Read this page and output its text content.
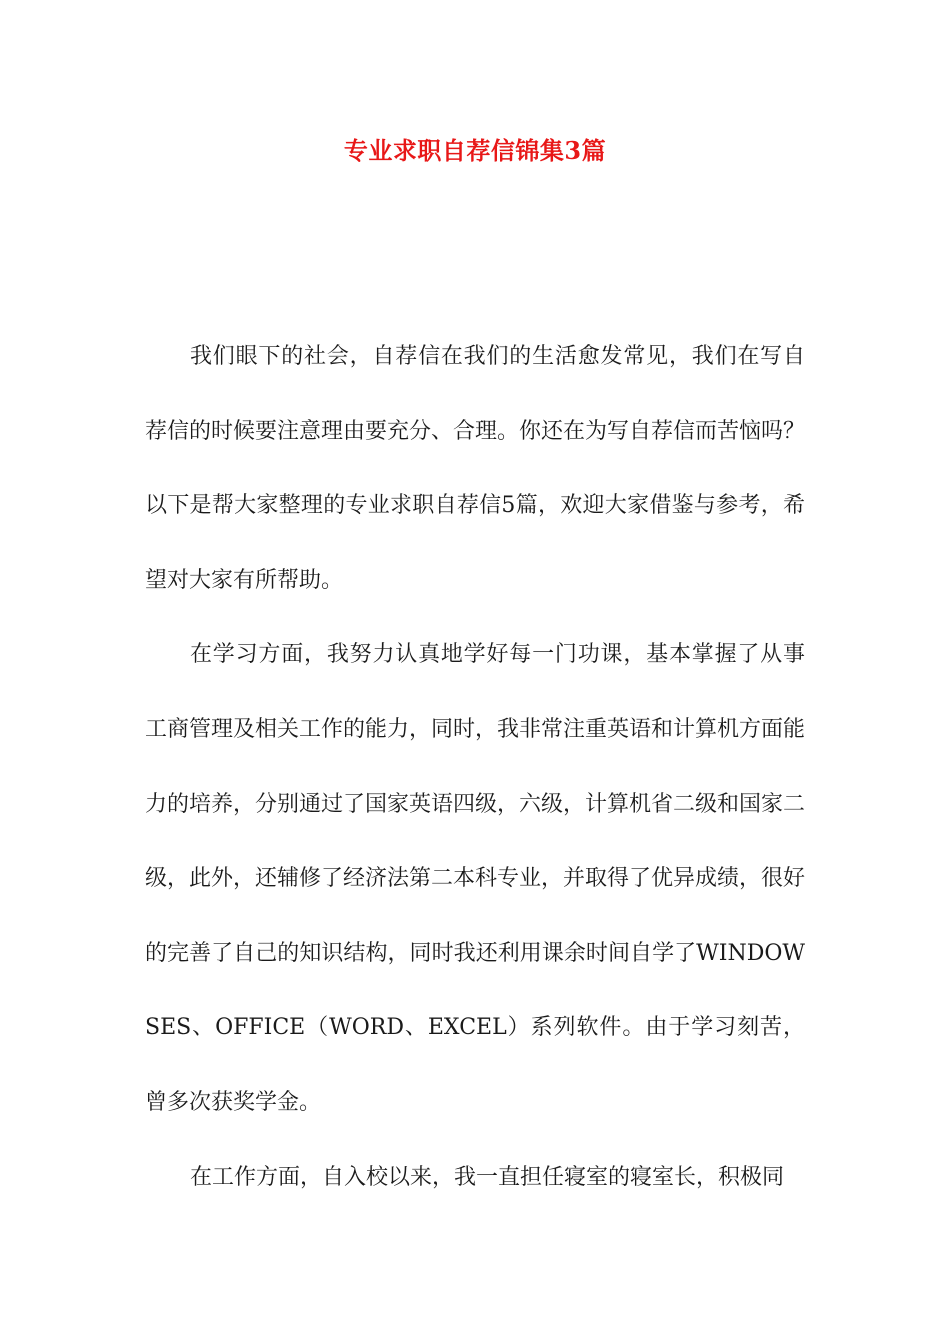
专业求职自荐信锦集3篇

我们眼下的社会，自荐信在我们的生活愈发常见，我们在写自荐信的时候要注意理由要充分、合理。你还在为写自荐信而苦恼吗？以下是帮大家整理的专业求职自荐信5篇，欢迎大家借鉴与参考，希望对大家有所帮助。

在学习方面，我努力认真地学好每一门功课，基本掌握了从事工商管理及相关工作的能力，同时，我非常注重英语和计算机方面能力的培养，分别通过了国家英语四级，六级，计算机省二级和国家二级，此外，还辅修了经济法第二本科专业，并取得了优异成绩，很好的完善了自己的知识结构，同时我还利用课余时间自学了WINDOWSES、OFFICE（WORD、EXCEL）系列软件。由于学习刻苦，曾多次获奖学金。

在工作方面，自入校以来，我一直担任寝室的寝室长，积极同
